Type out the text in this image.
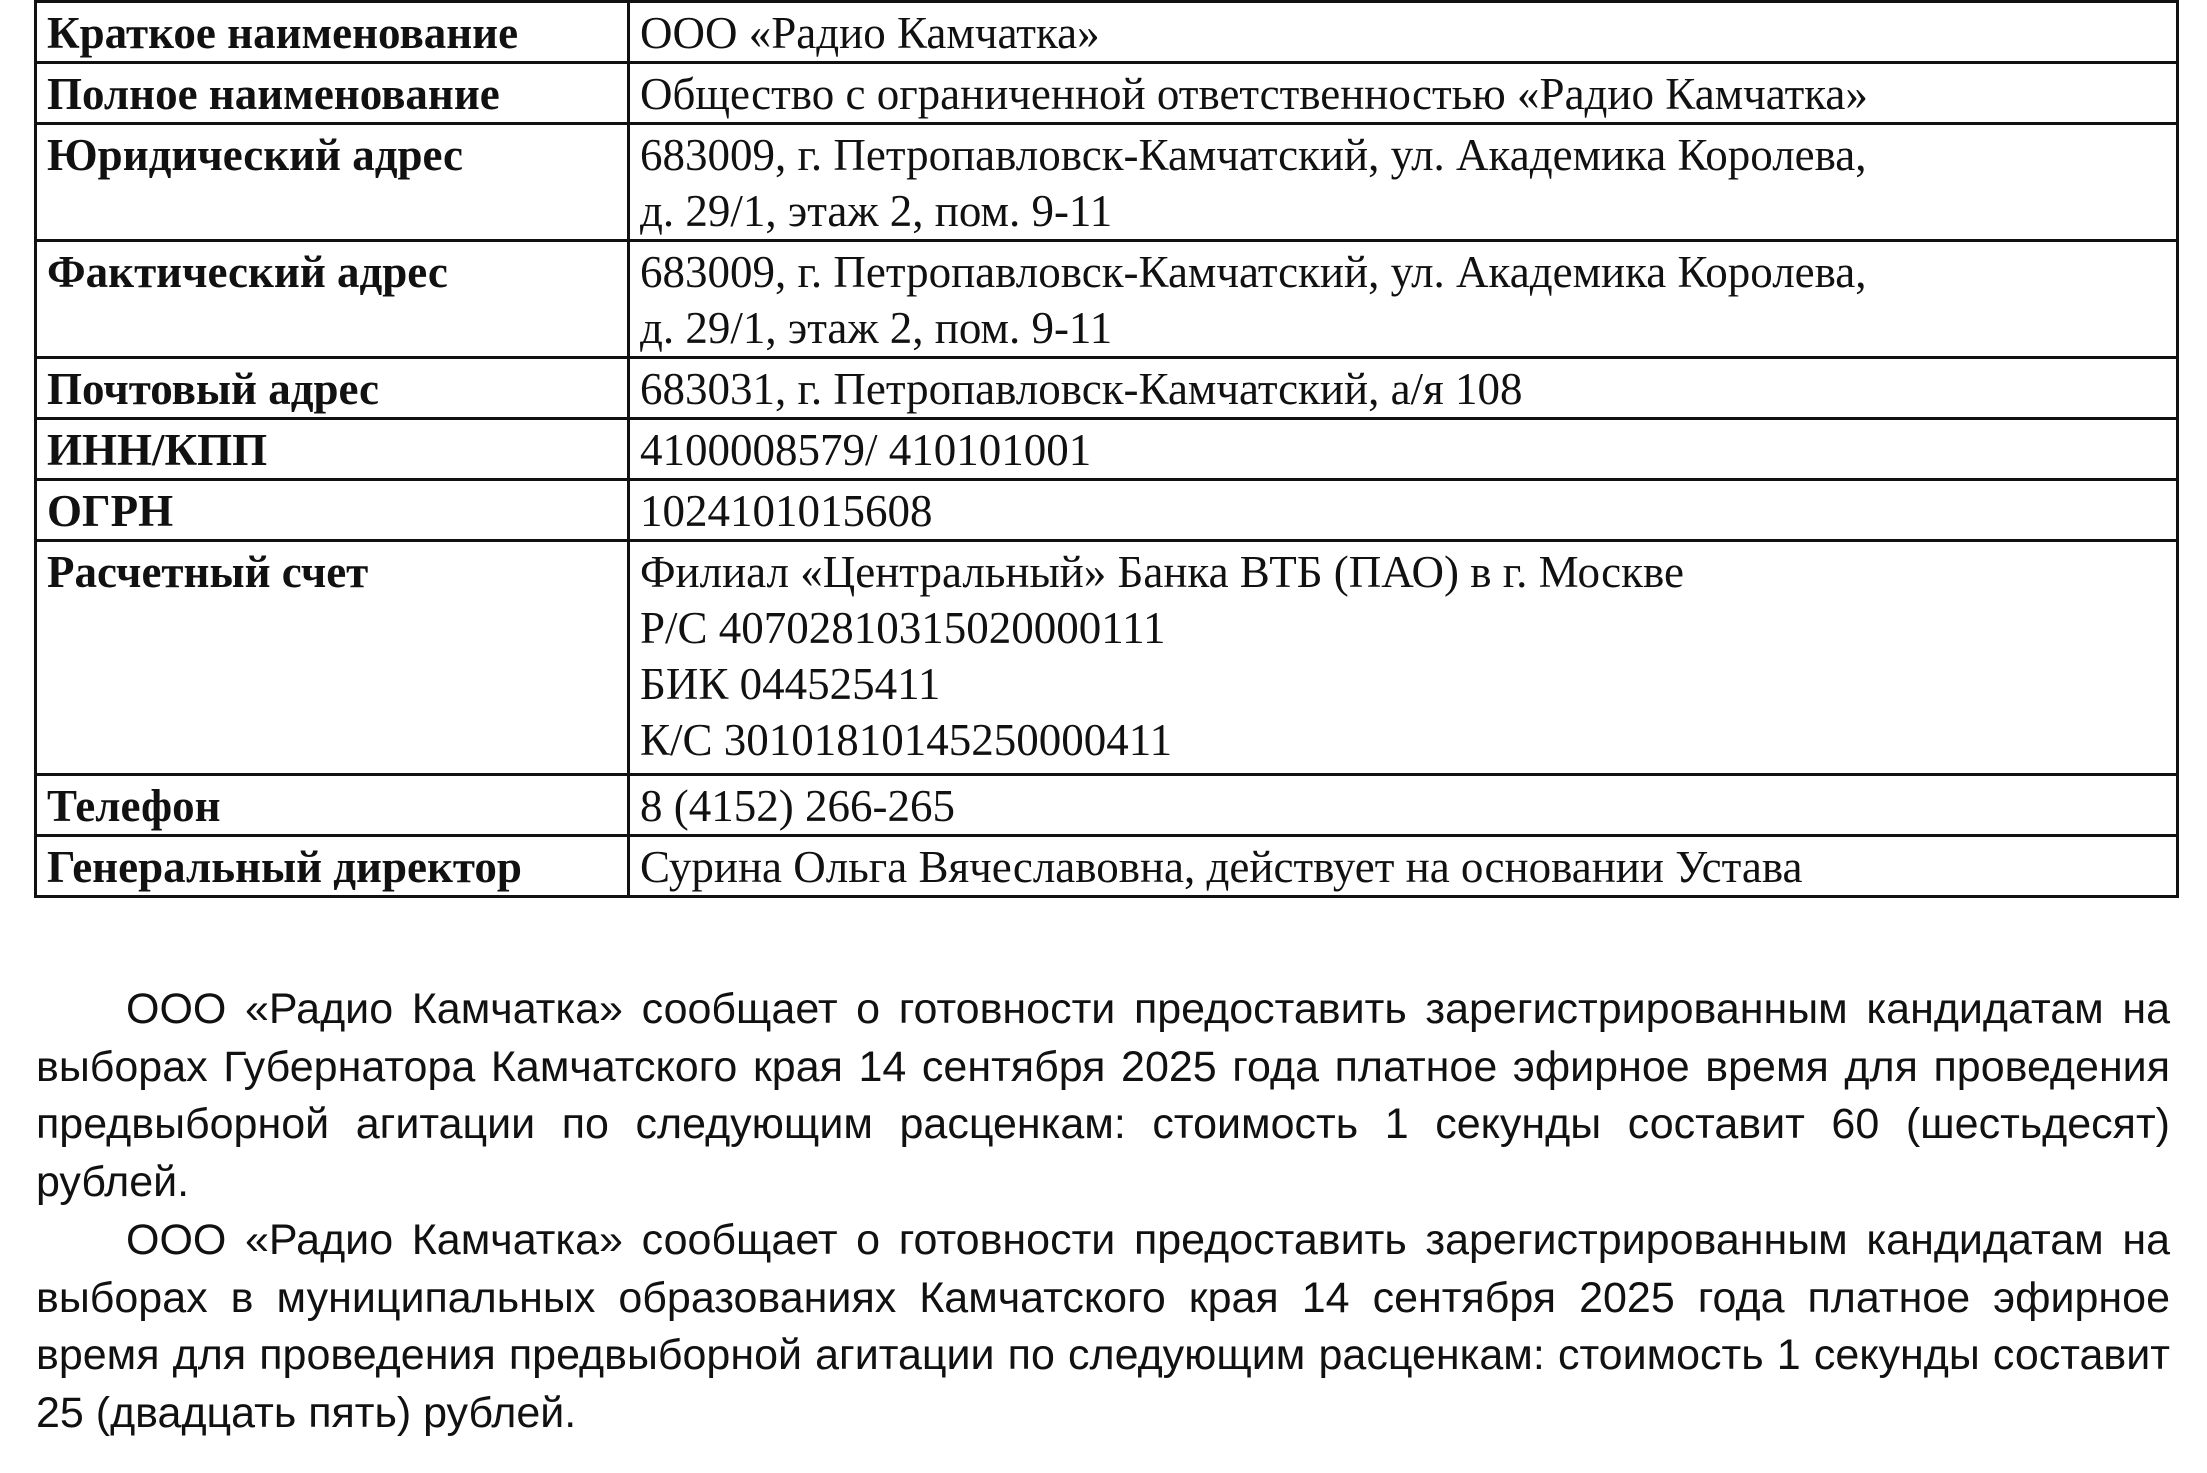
Краткое наименование	ООО «Радио Камчатка»

Полное наименование	Общество с ограниченной ответственностью «Радио Камчатка»

Юридический адрес	683009, г. Петропавловск-Камчатский, ул. Академика Королева,
д. 29/1, этаж 2, пом. 9-11

Фактический адрес	683009, г. Петропавловск-Камчатский, ул. Академика Королева,
д. 29/1, этаж 2, пом. 9-11

Почтовый адрес	683031, г. Петропавловск-Камчатский, а/я 108

ИНН/КПП	4100008579/ 410101001

ОГРН	1024101015608

Расчетный счет	Филиал «Центральный» Банка ВТБ (ПАО) в г. Москве
Р/С 40702810315020000111
БИК 044525411
К/С 30101810145250000411

Телефон	8 (4152) 266-265

Генеральный директор	Сурина Ольга Вячеславовна, действует на основании Устава

ООО «Радио Камчатка» сообщает о готовности предоставить зарегистрированным кандидатам на выборах Губернатора Камчатского края 14 сентября 2025 года платное эфирное время для проведения предвыборной агитации по следующим расценкам: стоимость 1 секунды составит 60 (шестьдесят) рублей.

ООО «Радио Камчатка» сообщает о готовности предоставить зарегистрированным кандидатам на выборах в муниципальных образованиях Камчатского края 14 сентября 2025 года платное эфирное время для проведения предвыборной агитации по следующим расценкам: стоимость 1 секунды составит 25 (двадцать пять) рублей.
